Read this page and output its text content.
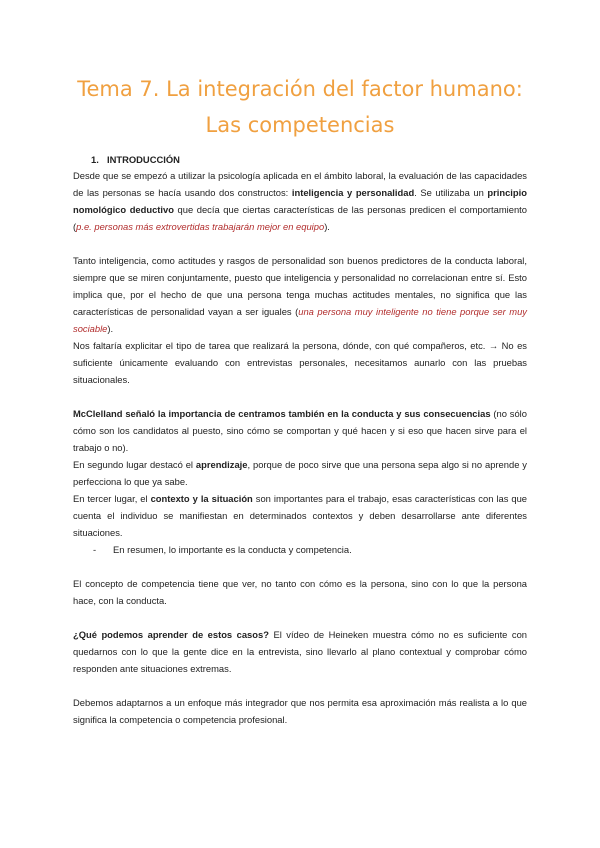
Tema 7. La integración del factor humano:
Las competencias
1. INTRODUCCIÓN

Desde que se empezó a utilizar la psicología aplicada en el ámbito laboral, la evaluación de las capacidades de las personas se hacía usando dos constructos: inteligencia y personalidad. Se utilizaba un principio nomológico deductivo que decía que ciertas características de las personas predicen el comportamiento (p.e. personas más extrovertidas trabajarán mejor en equipo).

Tanto inteligencia, como actitudes y rasgos de personalidad son buenos predictores de la conducta laboral, siempre que se miren conjuntamente, puesto que inteligencia y personalidad no correlacionan entre sí. Esto implica que, por el hecho de que una persona tenga muchas actitudes mentales, no significa que las características de personalidad vayan a ser iguales (una persona muy inteligente no tiene porque ser muy sociable).

Nos faltaría explicitar el tipo de tarea que realizará la persona, dónde, con qué compañeros, etc. → No es suficiente únicamente evaluando con entrevistas personales, necesitamos aunarlo con las pruebas situacionales.

McClelland señaló la importancia de centramos también en la conducta y sus consecuencias (no sólo cómo son los candidatos al puesto, sino cómo se comportan y qué hacen y si eso que hacen sirve para el trabajo o no).

En segundo lugar destacó el aprendizaje, porque de poco sirve que una persona sepa algo si no aprende y perfecciona lo que ya sabe.

En tercer lugar, el contexto y la situación son importantes para el trabajo, esas características con las que cuenta el individuo se manifiestan en determinados contextos y deben desarrollarse ante diferentes situaciones.

-	En resumen, lo importante es la conducta y competencia.

El concepto de competencia tiene que ver, no tanto con cómo es la persona, sino con lo que la persona hace, con la conducta.

¿Qué podemos aprender de estos casos? El vídeo de Heineken muestra cómo no es suficiente con quedarnos con lo que la gente dice en la entrevista, sino llevarlo al plano contextual y comprobar cómo responden ante situaciones extremas.

Debemos adaptarnos a un enfoque más integrador que nos permita esa aproximación más realista a lo que significa la competencia o competencia profesional.
